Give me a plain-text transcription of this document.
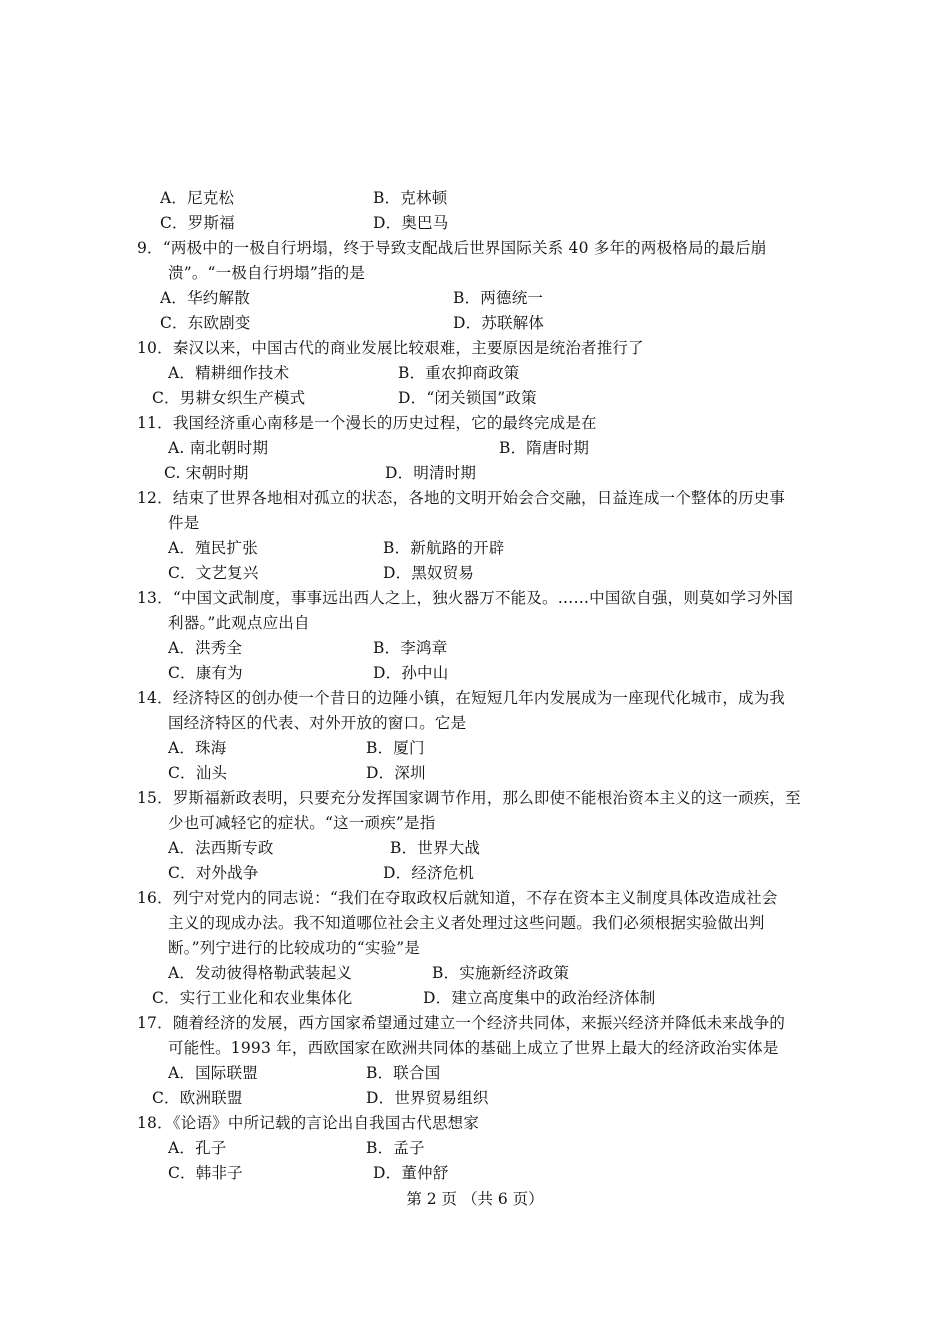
A．尼克松	B．克林顿
C．罗斯福	D．奥巴马
9．“两极中的一极自行坍塌，终于导致支配战后世界国际关系 40 多年的两极格局的最后崩
溃”。“一极自行坍塌”指的是
A．华约解散	B．两德统一
C．东欧剧变	D．苏联解体
10．秦汉以来，中国古代的商业发展比较艰难，主要原因是统治者推行了
A．精耕细作技术	B．重农抑商政策
C．男耕女织生产模式	D．“闭关锁国”政策
11．我国经济重心南移是一个漫长的历史过程，它的最终完成是在
A. 南北朝时期	B．隋唐时期
C. 宋朝时期	D．明清时期
12．结束了世界各地相对孤立的状态，各地的文明开始会合交融，日益连成一个整体的历史事
件是
A．殖民扩张	B．新航路的开辟
C．文艺复兴	D．黑奴贸易
13．“中国文武制度，事事远出西人之上，独火器万不能及。……中国欲自强，则莫如学习外国
利器。”此观点应出自
A．洪秀全	B．李鸿章
C．康有为	D．孙中山
14．经济特区的创办使一个昔日的边陲小镇，在短短几年内发展成为一座现代化城市，成为我
国经济特区的代表、对外开放的窗口。它是
A．珠海	B．厦门
C．汕头	D．深圳
15．罗斯福新政表明，只要充分发挥国家调节作用，那么即使不能根治资本主义的这一顽疾，至
少也可减轻它的症状。“这一顽疾”是指
A．法西斯专政	B．世界大战
C．对外战争	D．经济危机
16．列宁对党内的同志说：“我们在夺取政权后就知道，不存在资本主义制度具体改造成社会
主义的现成办法。我不知道哪位社会主义者处理过这些问题。我们必须根据实验做出判
断。”列宁进行的比较成功的“实验”是
A．发动彼得格勒武装起义	B．实施新经济政策
C．实行工业化和农业集体化	D．建立高度集中的政治经济体制
17．随着经济的发展，西方国家希望通过建立一个经济共同体，来振兴经济并降低未来战争的
可能性。1993 年，西欧国家在欧洲共同体的基础上成立了世界上最大的经济政治实体是
A．国际联盟	B．联合国
C．欧洲联盟	D．世界贸易组织
18．《论语》中所记载的言论出自我国古代思想家
A．孔子	B．孟子
C．韩非子	D．董仲舒
第 2 页 （共 6 页）
